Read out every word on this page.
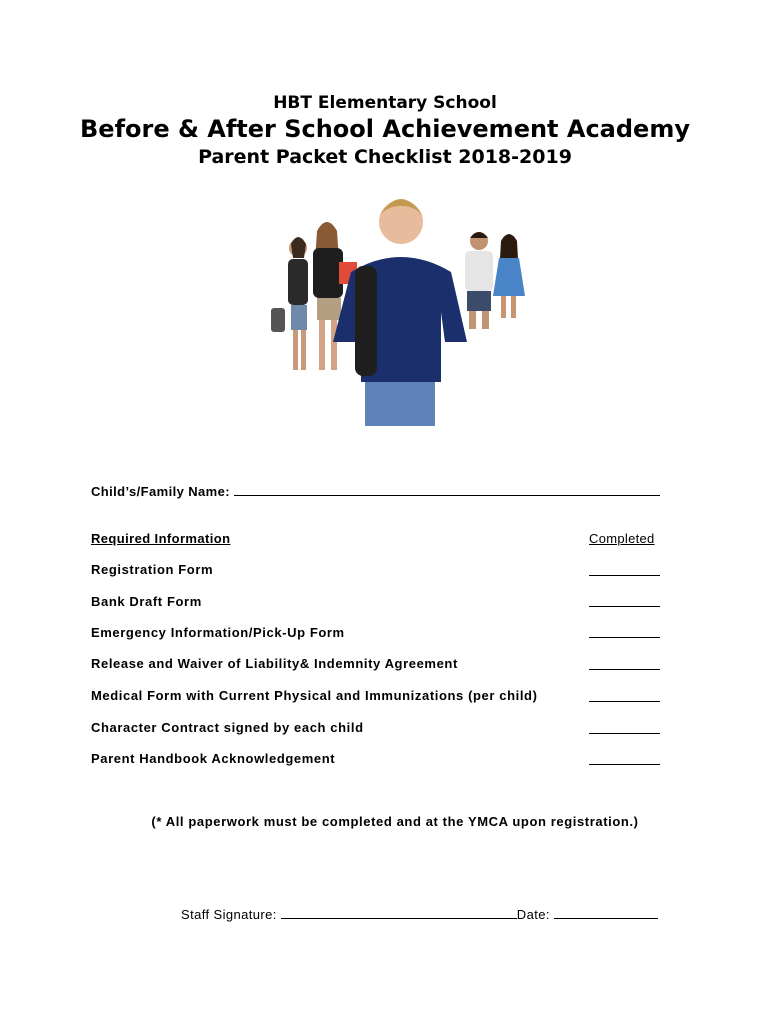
HBT Elementary School
Before & After School Achievement Academy
Parent Packet Checklist 2018-2019
Child’s/Family Name:
Required Information	Completed
Registration Form
Bank Draft Form
Emergency Information/Pick-Up Form
Release and Waiver of Liability& Indemnity Agreement
Medical Form with Current Physical and Immunizations (per child)
Character Contract signed by each child
Parent Handbook Acknowledgement
(* All paperwork must be completed and at the YMCA upon registration.)
Staff Signature:	Date:
